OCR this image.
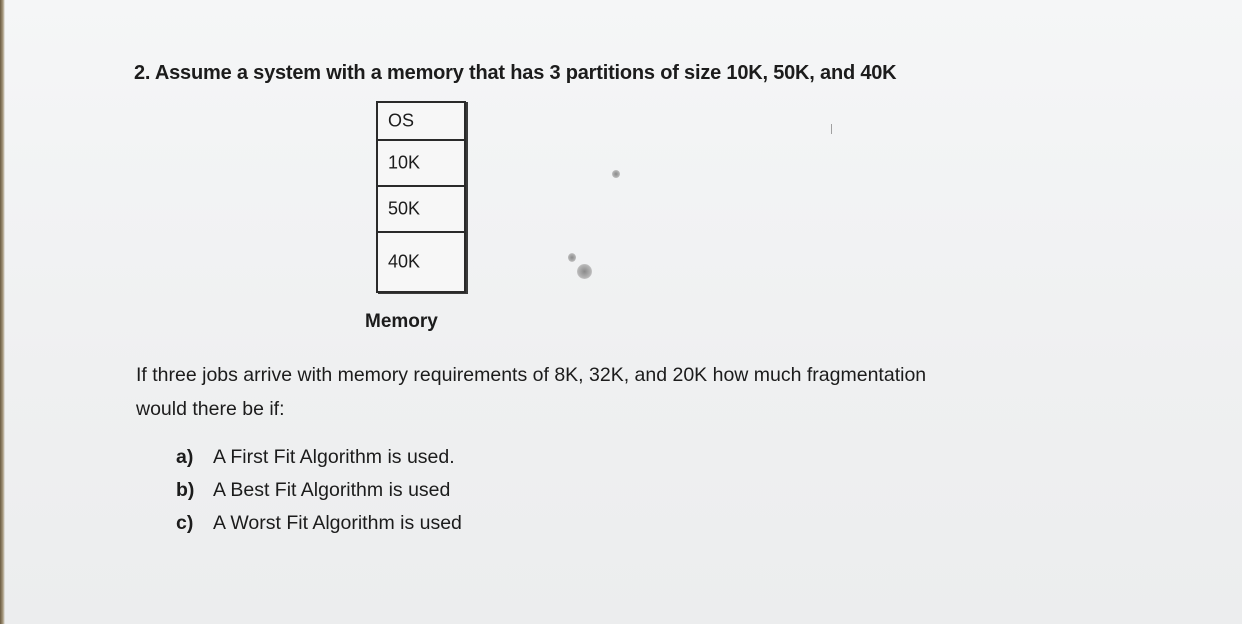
2. Assume a system with a memory that has 3 partitions of size 10K, 50K, and 40K
OS
10K
50K
40K
Memory
If three jobs arrive with memory requirements of 8K, 32K, and 20K how much fragmentation
would there be if:
a)	A First Fit Algorithm is used.
b) A Best Fit Algorithm is used
c)	A Worst Fit Algorithm is used
